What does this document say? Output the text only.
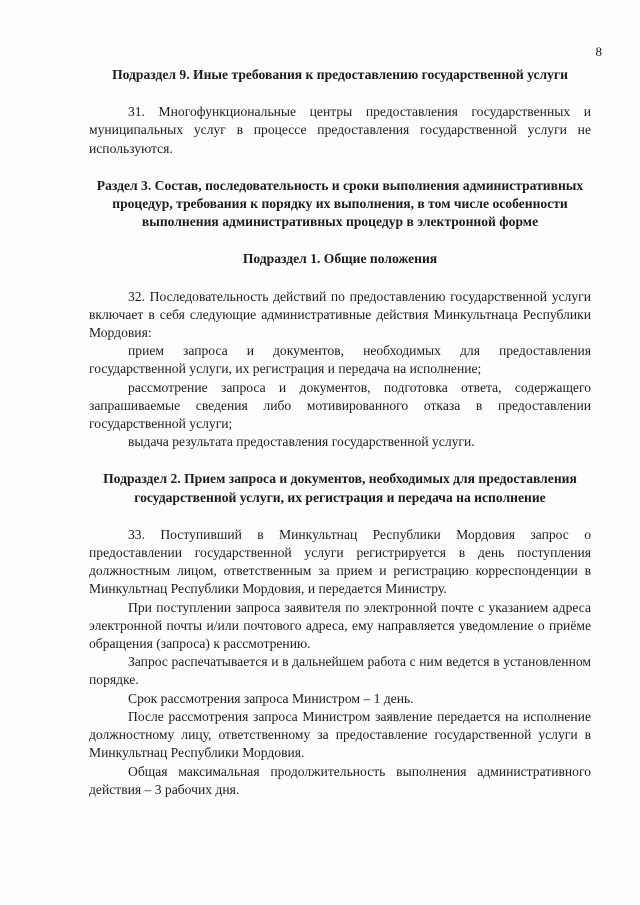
8

Подраздел 9. Иные требования к предоставлению государственной услуги

31. Многофункциональные центры предоставления государственных и муниципальных услуг в процессе предоставления государственной услуги не используются.

Раздел 3. Состав, последовательность и сроки выполнения административных процедур, требования к порядку их выполнения, в том числе особенности выполнения административных процедур в электронной форме

Подраздел 1. Общие положения

32. Последовательность действий по предоставлению государственной услуги включает в себя следующие административные действия Минкультнаца Республики Мордовия:

прием запроса и документов, необходимых для предоставления государственной услуги, их регистрация и передача на исполнение;

рассмотрение запроса и документов, подготовка ответа, содержащего запрашиваемые сведения либо мотивированного отказа в предоставлении государственной услуги;

выдача результата предоставления государственной услуги.

Подраздел 2. Прием запроса и документов, необходимых для предоставления государственной услуги, их регистрация и передача на исполнение

33. Поступивший в Минкультнац Республики Мордовия запрос о предоставлении государственной услуги регистрируется в день поступления должностным лицом, ответственным за прием и регистрацию корреспонденции в Минкультнац Республики Мордовия, и передается Министру.

При поступлении запроса заявителя по электронной почте с указанием адреса электронной почты и/или почтового адреса, ему направляется уведомление о приёме обращения (запроса) к рассмотрению.

Запрос распечатывается и в дальнейшем работа с ним ведется в установленном порядке.

Срок рассмотрения запроса Министром – 1 день.

После рассмотрения запроса Министром заявление передается на исполнение должностному лицу, ответственному за предоставление государственной услуги в Минкультнац Республики Мордовия.

Общая максимальная продолжительность выполнения административного действия – 3 рабочих дня.
